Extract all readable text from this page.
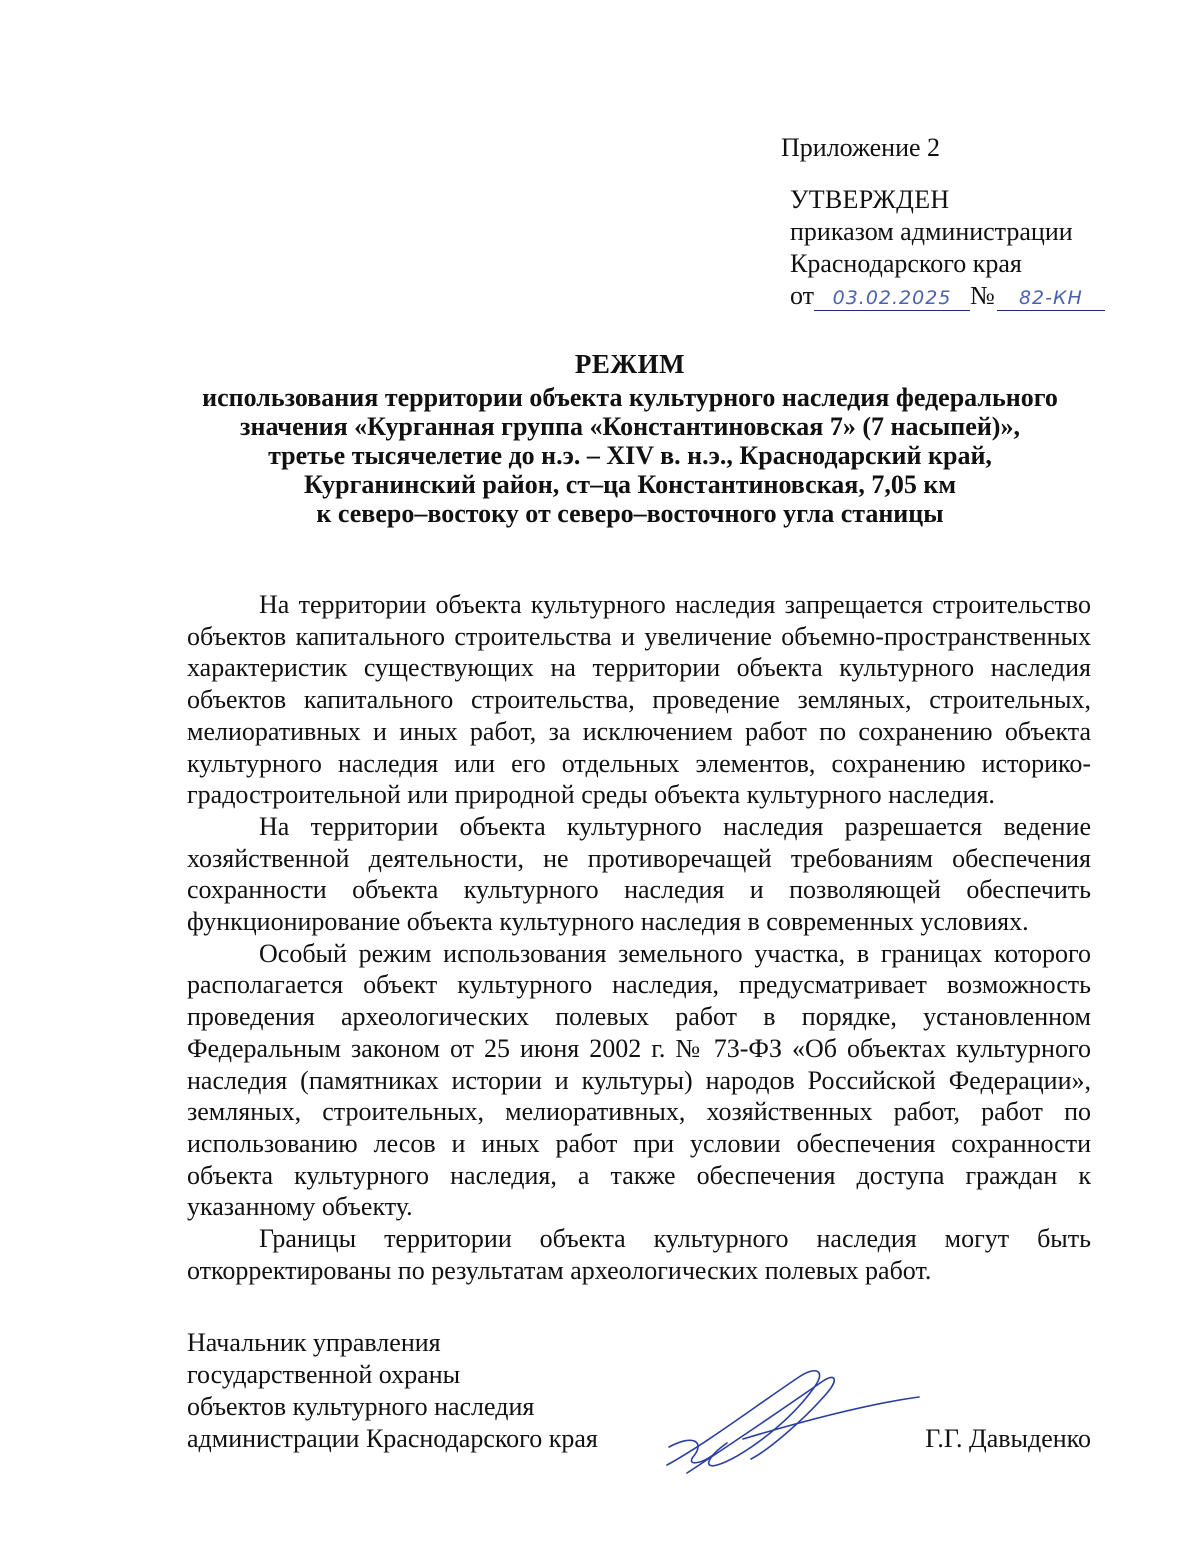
Приложение 2
УТВЕРЖДЕН
приказом администрации
Краснодарского края
от 03.02.2025 №	82-КН
РЕЖИМ
использования территории объекта культурного наследия федерального
значения «Курганная группа «Константиновская 7» (7 насыпей)»,
третье тысячелетие до н.э. – XIV в. н.э., Краснодарский край,
Курганинский район, ст–ца Константиновская, 7,05 км
к северо–востоку от северо–восточного угла станицы

На территории объекта культурного наследия запрещается строительство объектов капитального строительства и увеличение объемно-пространственных характеристик существующих на территории объекта культурного наследия объектов капитального строительства, проведение земляных, строительных, мелиоративных и иных работ, за исключением работ по сохранению объекта культурного наследия или его отдельных элементов, сохранению историко-градостроительной или природной среды объекта культурного наследия.

На территории объекта культурного наследия разрешается ведение хозяйственной деятельности, не противоречащей требованиям обеспечения сохранности объекта культурного наследия и позволяющей обеспечить функционирование объекта культурного наследия в современных условиях.

Особый режим использования земельного участка, в границах которого располагается объект культурного наследия, предусматривает возможность проведения археологических полевых работ в порядке, установленном Федеральным законом от 25 июня 2002 г. № 73-ФЗ «Об объектах культурного наследия (памятниках истории и культуры) народов Российской Федерации», земляных, строительных, мелиоративных, хозяйственных работ, работ по использованию лесов и иных работ при условии обеспечения сохранности объекта культурного наследия, а также обеспечения доступа граждан к указанному объекту.

Границы территории объекта культурного наследия могут быть откорректированы по результатам археологических полевых работ.

Начальник управления
государственной охраны
объектов культурного наследия
администрации Краснодарского края	Г.Г. Давыденко
